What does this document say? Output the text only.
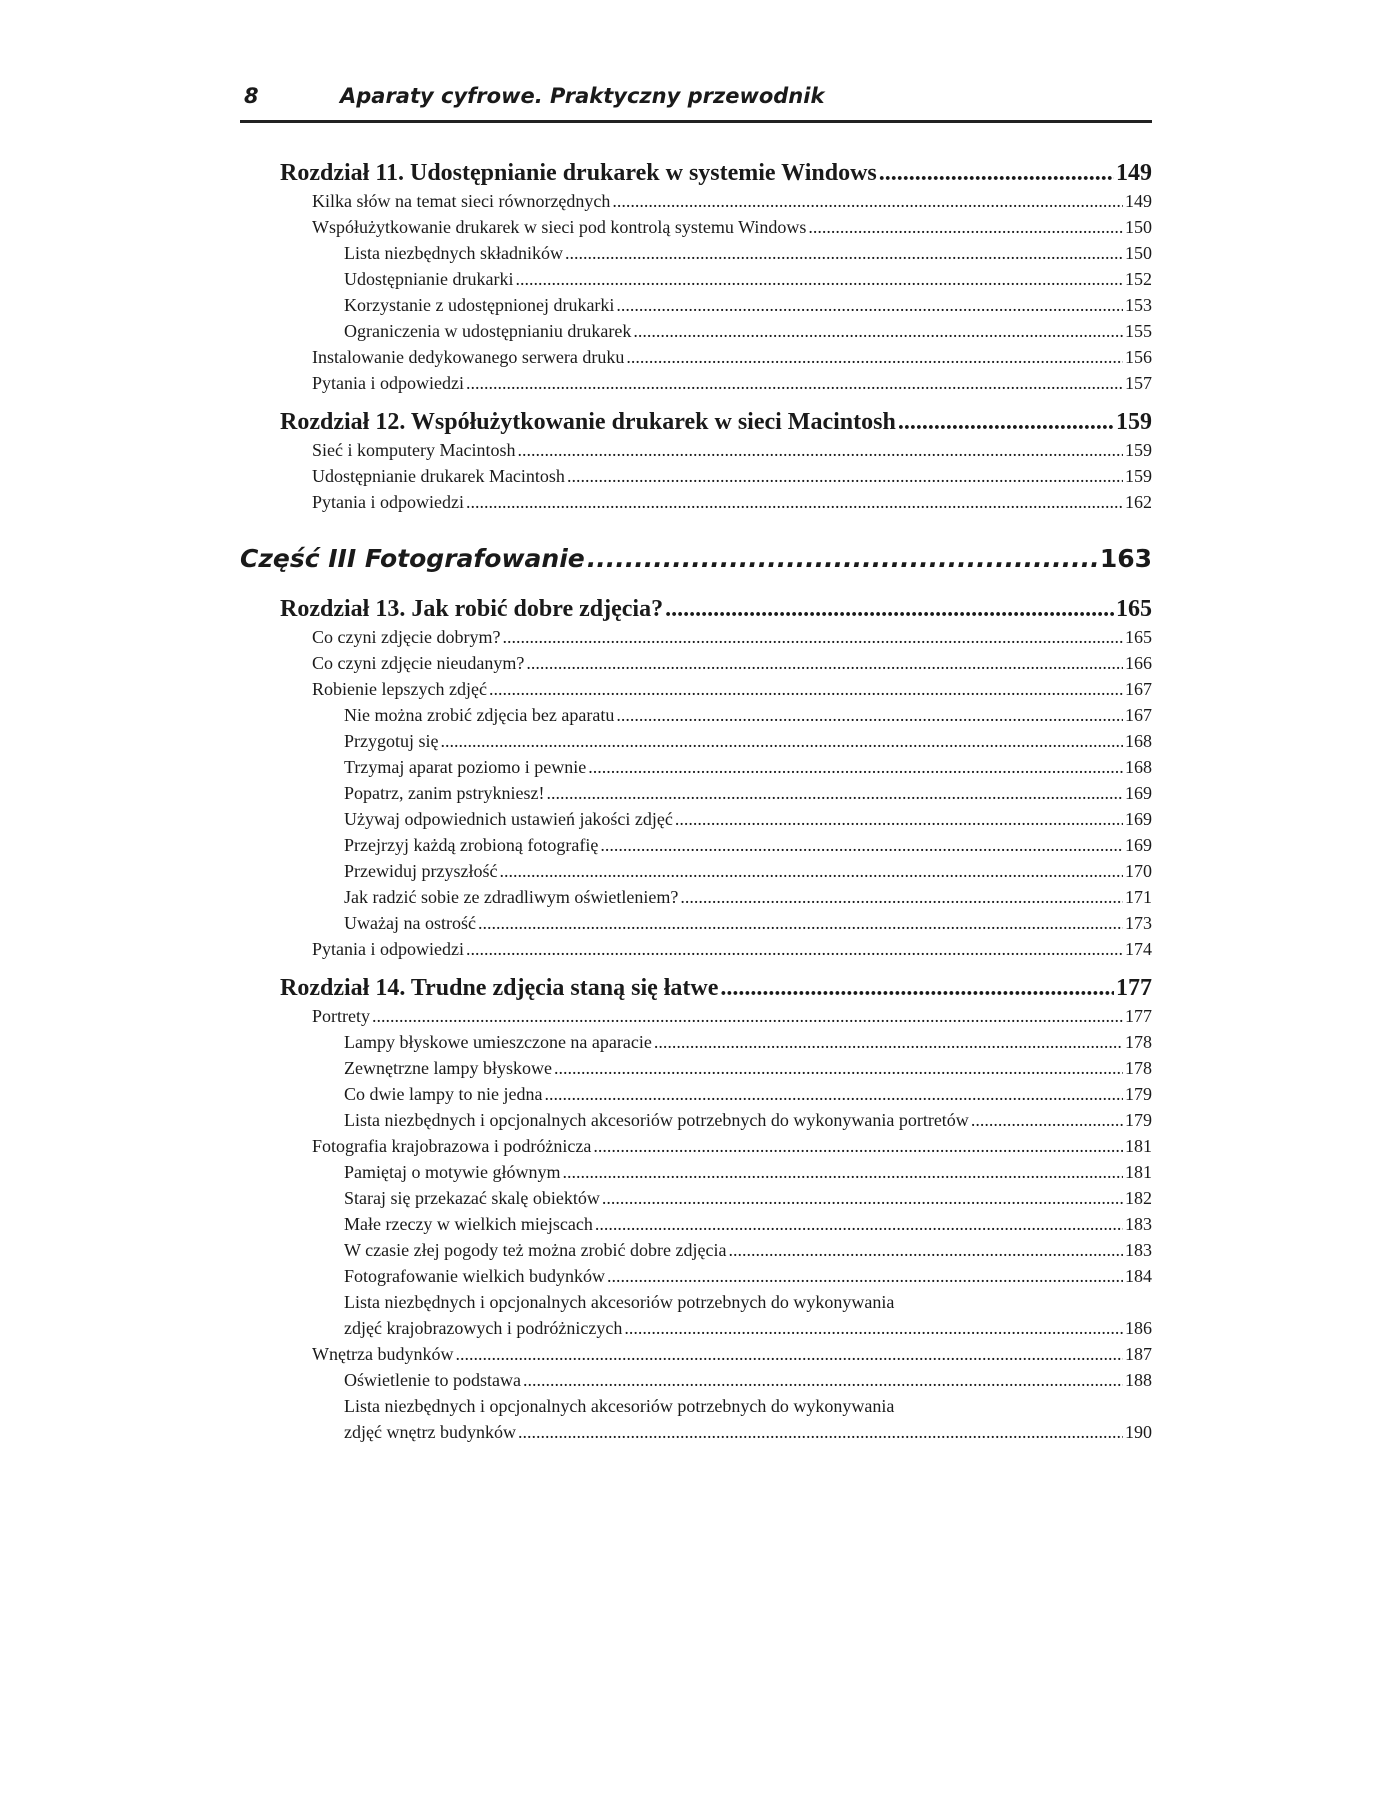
8	Aparaty cyfrowe. Praktyczny przewodnik
Rozdział 11. Udostępnianie drukarek w systemie Windows .....	149
Kilka słów na temat sieci równorzędnych .....	149
Współużytkowanie drukarek w sieci pod kontrolą systemu Windows .....	150
Lista niezbędnych składników .....	150
Udostępnianie drukarki .....	152
Korzystanie z udostępnionej drukarki .....	153
Ograniczenia w udostępnianiu drukarek .....	155
Instalowanie dedykowanego serwera druku .....	156
Pytania i odpowiedzi .....	157
Rozdział 12. Współużytkowanie drukarek w sieci Macintosh .....	159
Sieć i komputery Macintosh .....	159
Udostępnianie drukarek Macintosh .....	159
Pytania i odpowiedzi .....	162
Część III Fotografowanie .....	163
Rozdział 13. Jak robić dobre zdjęcia? .....	165
Co czyni zdjęcie dobrym? .....	165
Co czyni zdjęcie nieudanym? .....	166
Robienie lepszych zdjęć .....	167
Nie można zrobić zdjęcia bez aparatu .....	167
Przygotuj się .....	168
Trzymaj aparat poziomo i pewnie .....	168
Popatrz, zanim pstrykniesz! .....	169
Używaj odpowiednich ustawień jakości zdjęć .....	169
Przejrzyj każdą zrobioną fotografię .....	169
Przewiduj przyszłość .....	170
Jak radzić sobie ze zdradliwym oświetleniem? .....	171
Uważaj na ostrość .....	173
Pytania i odpowiedzi .....	174
Rozdział 14. Trudne zdjęcia staną się łatwe .....	177
Portrety .....	177
Lampy błyskowe umieszczone na aparacie .....	178
Zewnętrzne lampy błyskowe .....	178
Co dwie lampy to nie jedna .....	179
Lista niezbędnych i opcjonalnych akcesoriów potrzebnych do wykonywania portretów .....	179
Fotografia krajobrazowa i podróżnicza .....	181
Pamiętaj o motywie głównym .....	181
Staraj się przekazać skalę obiektów .....	182
Małe rzeczy w wielkich miejscach .....	183
W czasie złej pogody też można zrobić dobre zdjęcia .....	183
Fotografowanie wielkich budynków .....	184
Lista niezbędnych i opcjonalnych akcesoriów potrzebnych do wykonywania
zdjęć krajobrazowych i podróżniczych .....	186
Wnętrza budynków .....	187
Oświetlenie to podstawa .....	188
Lista niezbędnych i opcjonalnych akcesoriów potrzebnych do wykonywania
zdjęć wnętrz budynków .....	190
